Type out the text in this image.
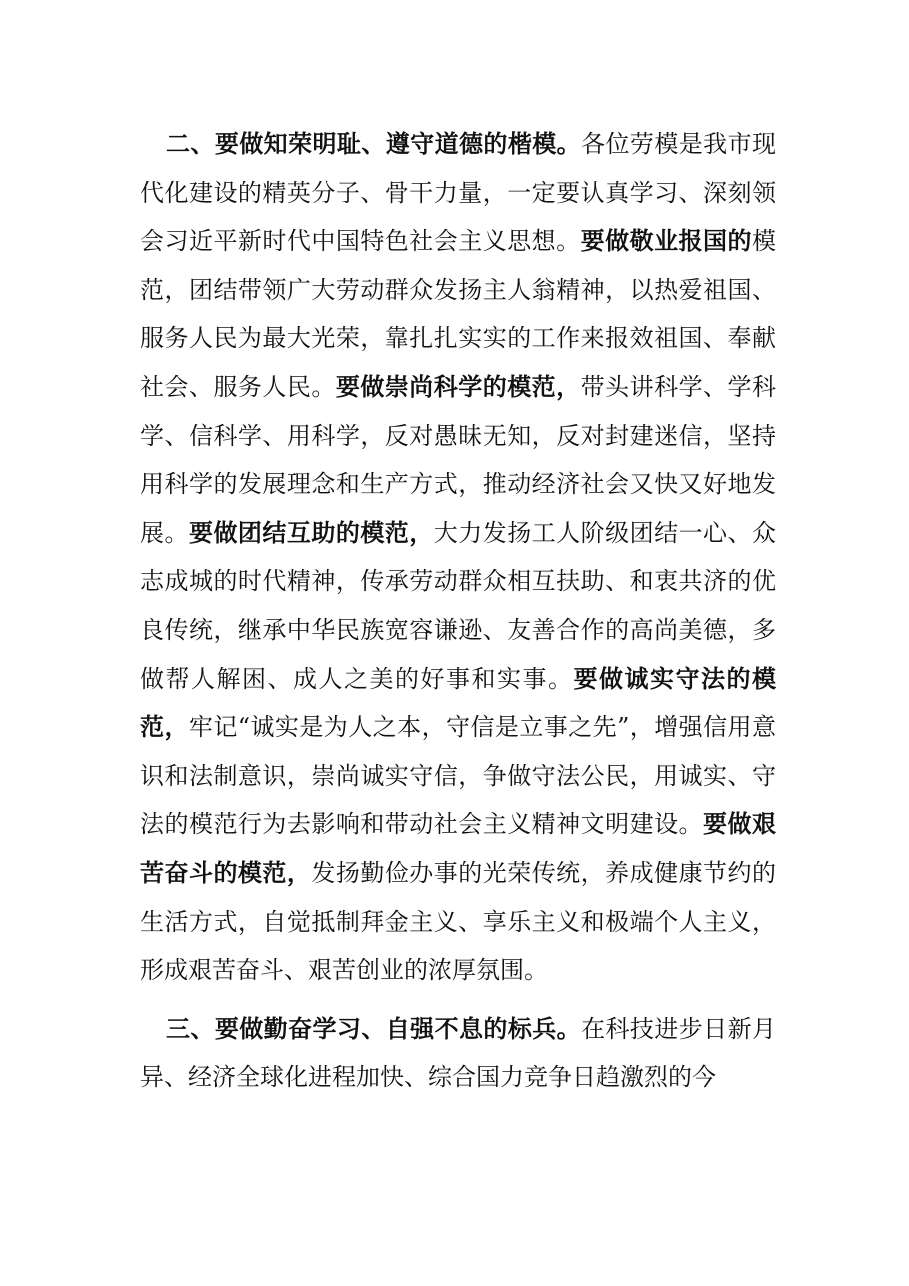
二、要做知荣明耻、遵守道德的楷模。各位劳模是我市现代化建设的精英分子、骨干力量，一定要认真学习、深刻领会习近平新时代中国特色社会主义思想。要做敬业报国的模范，团结带领广大劳动群众发扬主人翁精神，以热爱祖国、服务人民为最大光荣，靠扎扎实实的工作来报效祖国、奉献社会、服务人民。要做崇尚科学的模范，带头讲科学、学科学、信科学、用科学，反对愚昧无知，反对封建迷信，坚持用科学的发展理念和生产方式，推动经济社会又快又好地发展。要做团结互助的模范，大力发扬工人阶级团结一心、众志成城的时代精神，传承劳动群众相互扶助、和衷共济的优良传统，继承中华民族宽容谦逊、友善合作的高尚美德，多做帮人解困、成人之美的好事和实事。要做诚实守法的模范，牢记“诚实是为人之本，守信是立事之先”，增强信用意识和法制意识，崇尚诚实守信，争做守法公民，用诚实、守法的模范行为去影响和带动社会主义精神文明建设。要做艰苦奋斗的模范，发扬勤俭办事的光荣传统，养成健康节约的生活方式，自觉抵制拜金主义、享乐主义和极端个人主义，形成艰苦奋斗、艰苦创业的浓厚氛围。

三、要做勤奋学习、自强不息的标兵。在科技进步日新月异、经济全球化进程加快、综合国力竞争日趋激烈的今
